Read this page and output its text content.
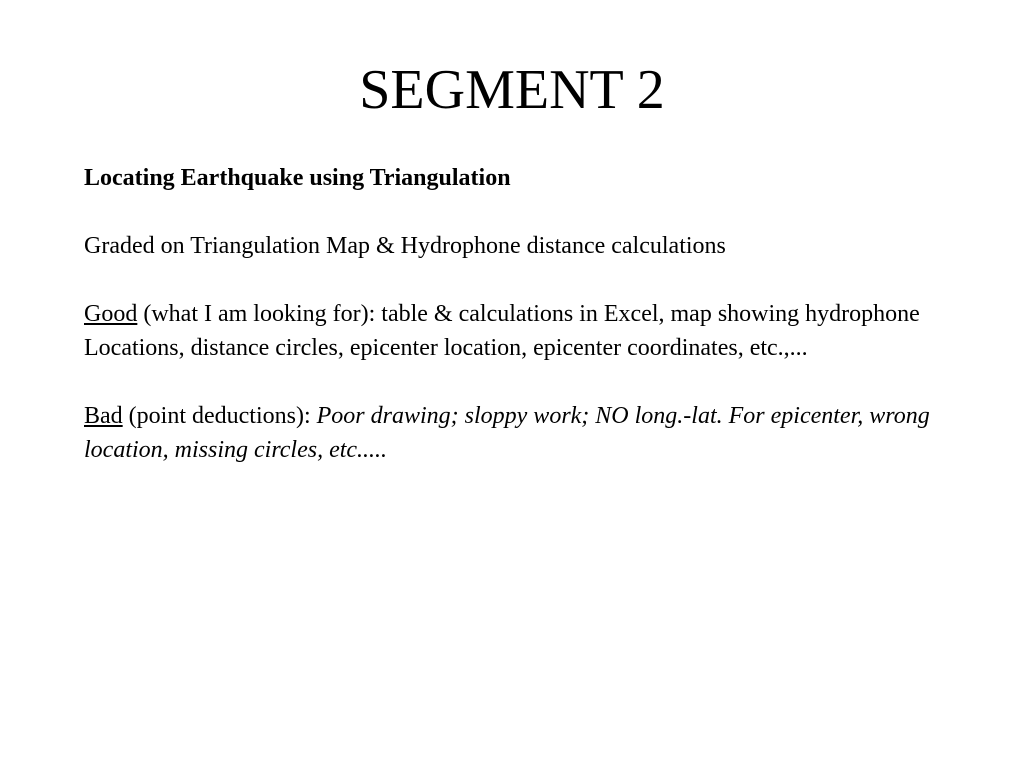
SEGMENT 2

Locating Earthquake using Triangulation

Graded on Triangulation Map & Hydrophone distance calculations

Good (what I am looking for): table & calculations in Excel, map showing hydrophone Locations, distance circles, epicenter location, epicenter coordinates, etc.,...

Bad (point deductions): Poor drawing; sloppy work; NO long.-lat. For epicenter, wrong location, missing circles, etc.....
